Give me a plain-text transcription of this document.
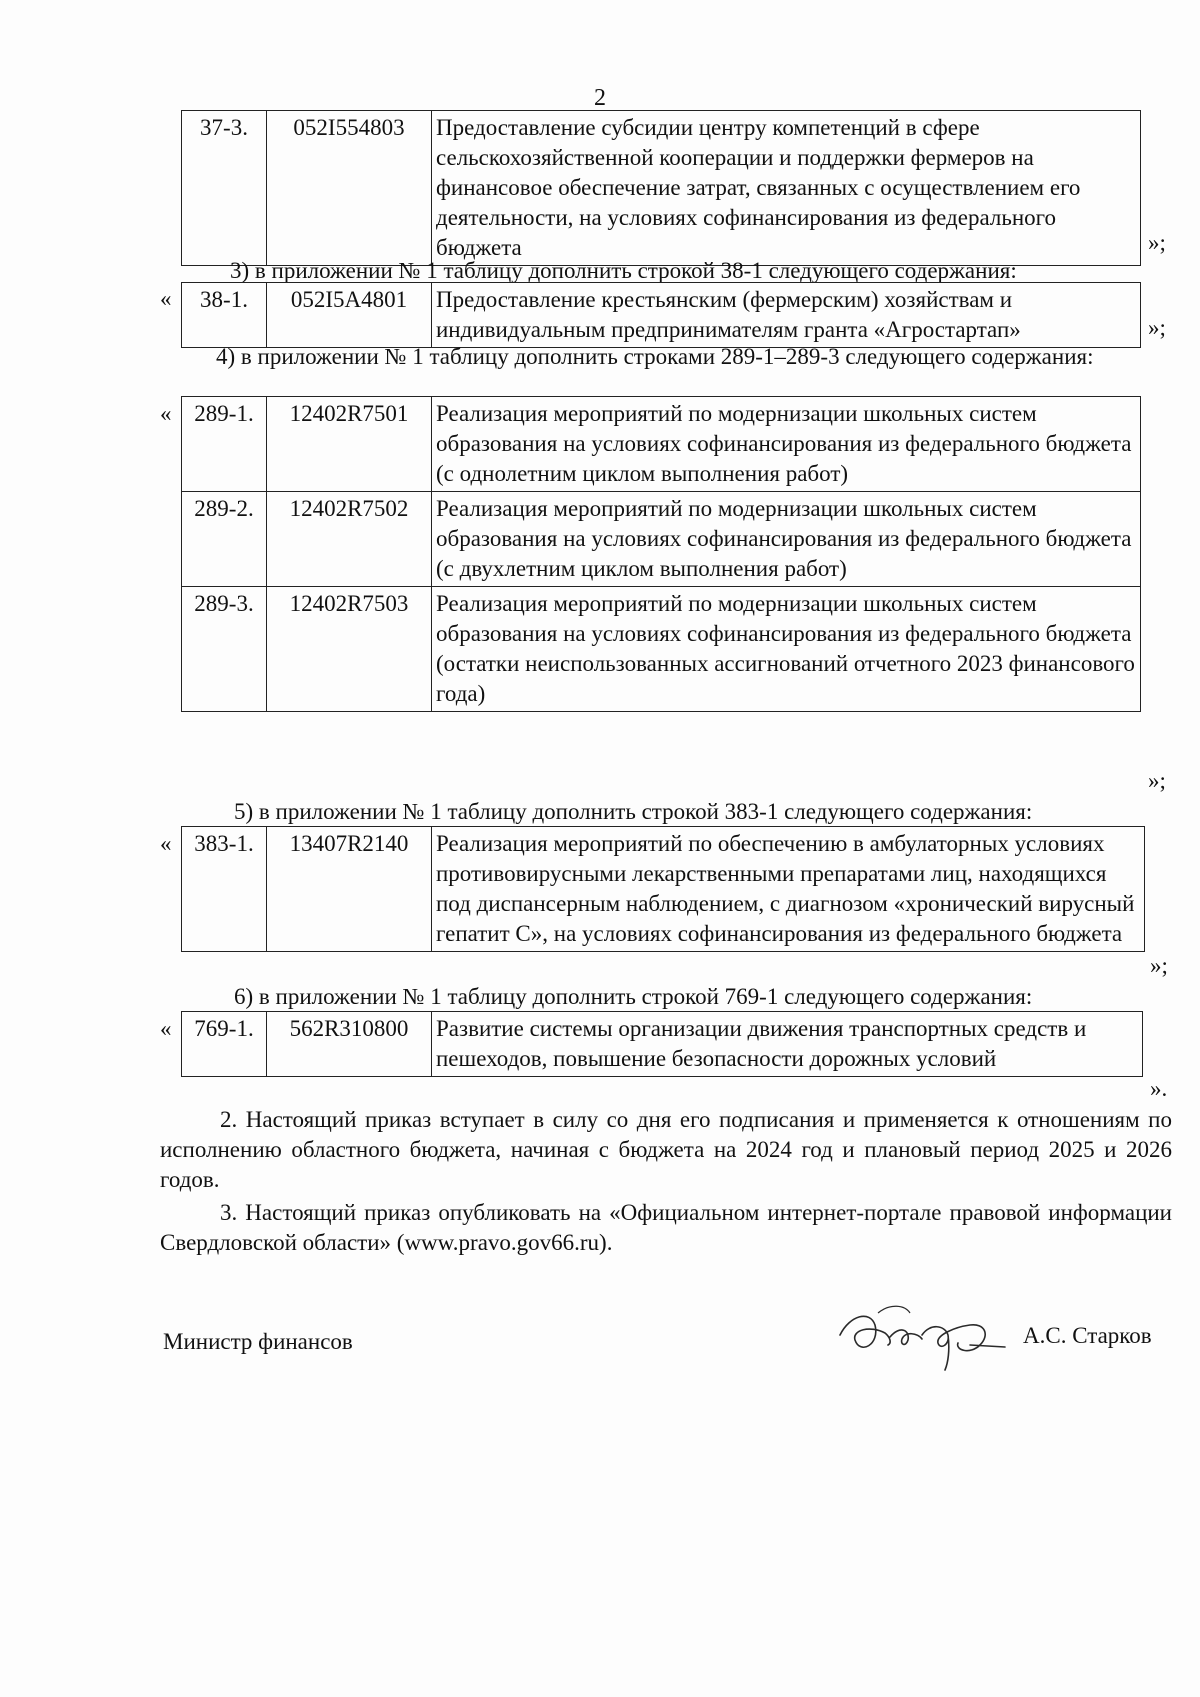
2
37-3.	052I554803	Предоставление субсидии центру компетенций в сфере сельскохозяйственной кооперации и поддержки фермеров на финансовое обеспечение затрат, связанных с осуществлением его деятельности, на условиях софинансирования из федерального бюджета	»;
3) в приложении № 1 таблицу дополнить строкой 38-1 следующего содержания:
« 38-1.	052I5A4801	Предоставление крестьянским (фермерским) хозяйствам и индивидуальным предпринимателям гранта «Агростартап»	»;
4) в приложении № 1 таблицу дополнить строками 289-1–289-3 следующего содержания:
« 289-1.	12402R7501	Реализация мероприятий по модернизации школьных систем образования на условиях софинансирования из федерального бюджета (с однолетним циклом выполнения работ)
289-2.	12402R7502	Реализация мероприятий по модернизации школьных систем образования на условиях софинансирования из федерального бюджета (с двухлетним циклом выполнения работ)
289-3.	12402R7503	Реализация мероприятий по модернизации школьных систем образования на условиях софинансирования из федерального бюджета (остатки неиспользованных ассигнований отчетного 2023 финансового года)
»;
5) в приложении № 1 таблицу дополнить строкой 383-1 следующего содержания:
« 383-1.	13407R2140	Реализация мероприятий по обеспечению в амбулаторных условиях противовирусными лекарственными препаратами лиц, находящихся под диспансерным наблюдением, с диагнозом «хронический вирусный гепатит С», на условиях софинансирования из федерального бюджета
»;
6) в приложении № 1 таблицу дополнить строкой 769-1 следующего содержания:
« 769-1.	562R310800	Развитие системы организации движения транспортных средств и пешеходов, повышение безопасности дорожных условий
».
2. Настоящий приказ вступает в силу со дня его подписания и применяется к отношениям по исполнению областного бюджета, начиная с бюджета на 2024 год и плановый период 2025 и 2026 годов.
3. Настоящий приказ опубликовать на «Официальном интернет-портале правовой информации Свердловской области» (www.pravo.gov66.ru).
Министр финансов	А.С. Старков
